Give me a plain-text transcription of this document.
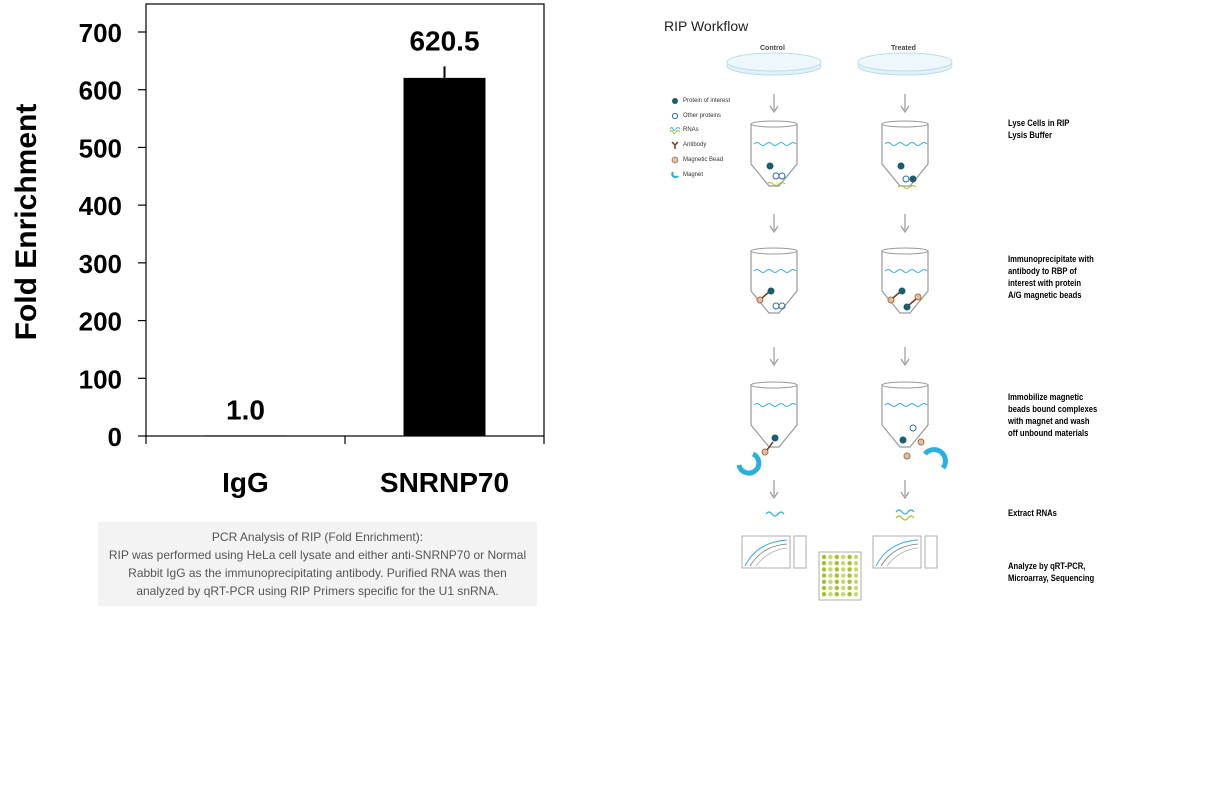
0
100
200
300
400
500
600
700
1.0
IgG
620.5
SNRNP70
Fold Enrichment
PCR Analysis of RIP (Fold Enrichment):
RIP was performed using HeLa cell lysate and either anti-SNRNP70 or Normal
Rabbit IgG as the immunoprecipitating antibody. Purified RNA was then
analyzed by qRT-PCR using RIP Primers specific for the U1 snRNA.
RIP Workflow
Control	Treated
Protein of interest
Other proteins
RNAs
Antibody
Magnetic Bead
Magnet
Lyse Cells in RIP
Lysis Buffer
Immunoprecipitate with
antibody to RBP of
interest with protein
A/G magnetic beads
Immobilize magnetic
beads bound complexes
with magnet and wash
off unbound materials
Extract RNAs
Analyze by qRT-PCR,
Microarray, Sequencing
